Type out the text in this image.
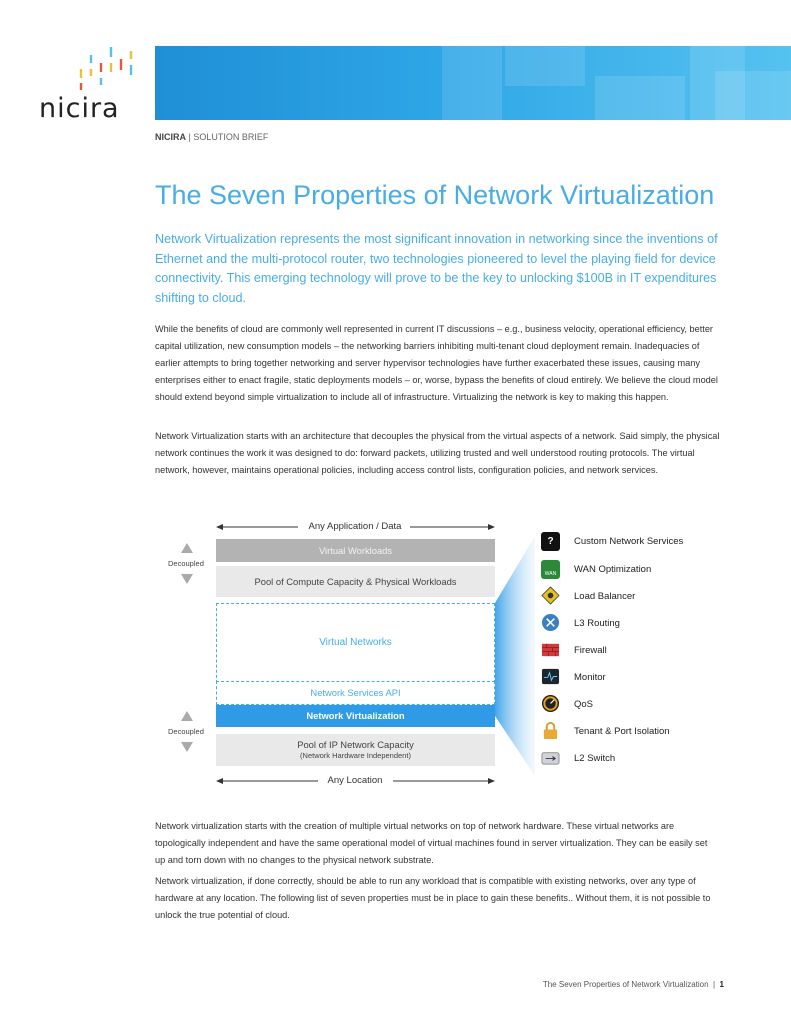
nicira
NICIRA | SOLUTION BRIEF
The Seven Properties of Network Virtualization
Network Virtualization represents the most significant innovation in networking since the inventions of Ethernet and the multi-protocol router, two technologies pioneered to level the playing field for device connectivity. This emerging technology will prove to be the key to unlocking $100B in IT expenditures shifting to cloud.

While the benefits of cloud are commonly well represented in current IT discussions – e.g., business velocity, operational efficiency, better capital utilization, new consumption models – the networking barriers inhibiting multi-tenant cloud deployment remain. Inadequacies of earlier attempts to bring together networking and server hypervisor technologies have further exacerbated these issues, causing many enterprises either to enact fragile, static deployments models – or, worse, bypass the benefits of cloud entirely. We believe the cloud model should extend beyond simple virtualization to include all of infrastructure. Virtualizing the network is key to making this happen.

Network Virtualization starts with an architecture that decouples the physical from the virtual aspects of a network. Said simply, the physical network continues the work it was designed to do: forward packets, utilizing trusted and well understood routing protocols. The virtual network, however, maintains operational policies, including access control lists, configuration policies, and network services.

Any Application / Data
Decoupled
Virtual Workloads
Pool of Compute Capacity & Physical Workloads
Virtual Networks
Network Services API
Network Virtualization
Decoupled
Pool of IP Network Capacity
(Network Hardware Independent)
Any Location
?
WAN
Custom Network Services
WAN Optimization
Load Balancer
L3 Routing
Firewall
Monitor
QoS
Tenant & Port Isolation
L2 Switch

Network virtualization starts with the creation of multiple virtual networks on top of network hardware. These virtual networks are topologically independent and have the same operational model of virtual machines found in server virtualization. They can be easily set up and torn down with no changes to the physical network substrate.

Network virtualization, if done correctly, should be able to run any workload that is compatible with existing networks, over any type of hardware at any location. The following list of seven properties must be in place to gain these benefits.. Without them, it is not possible to unlock the true potential of cloud.

The Seven Properties of Network Virtualization | 1
